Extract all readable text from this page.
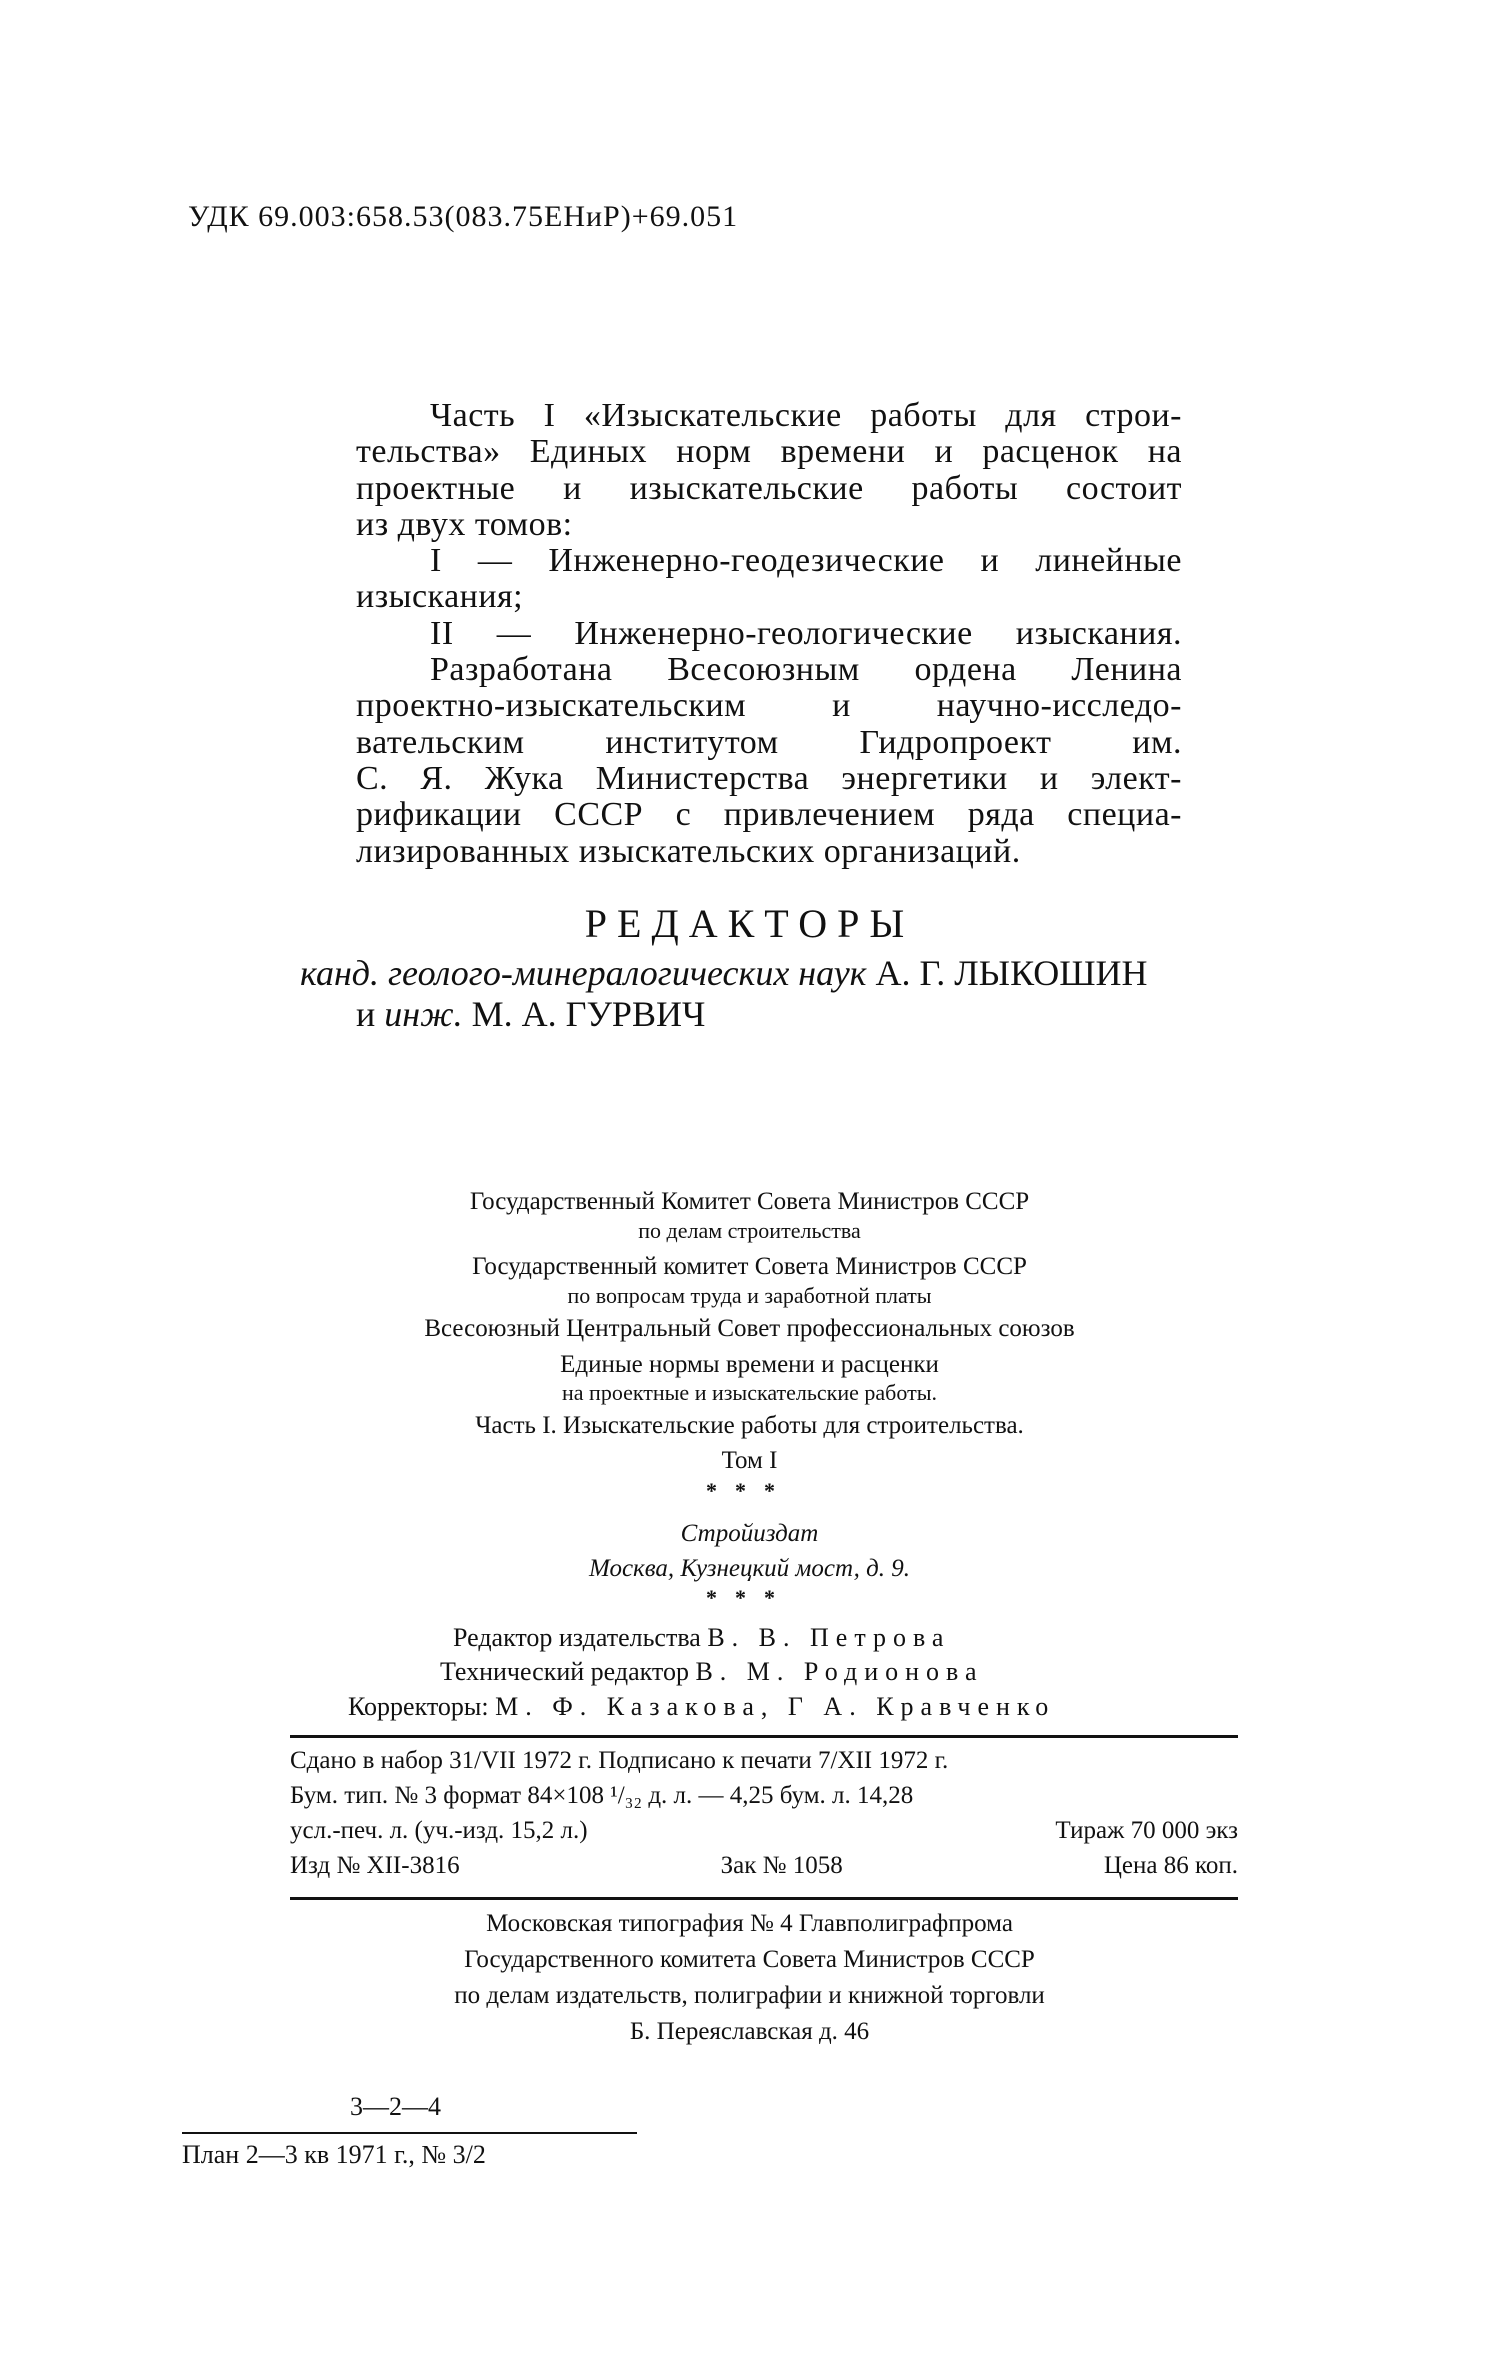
УДК 69.003:658.53(083.75ЕНиР)+69.051
Часть I «Изыскательские работы для строи-
тельства» Единых норм времени и расценок на
проектные и изыскательские работы состоит
из двух томов:
I — Инженерно-геодезические и линейные
изыскания;
II — Инженерно-геологические изыскания.
Разработана Всесоюзным ордена Ленина
проектно-изыскательским и научно-исследо-
вательским институтом Гидропроект им.
С. Я. Жука Министерства энергетики и элект-
рификации СССР с привлечением ряда специа-
лизированных изыскательских организаций.
РЕДАКТОРЫ
канд. геолого-минералогических наук А. Г. ЛЫКОШИН
и инж. М. А. ГУРВИЧ
Государственный Комитет Совета Министров СССР
по делам строительства
Государственный комитет Совета Министров СССР
по вопросам труда и заработной платы
Всесоюзный Центральный Совет профессиональных союзов
Единые нормы времени и расценки
на проектные и изыскательские работы.
Часть I. Изыскательские работы для строительства.
Том I
***
Стройиздат
Москва, Кузнецкий мост, д. 9.
***
Редактор издательства В. В. Петрова
Технический редактор В. М. Родионова
Корректоры: М. Ф. Казакова, Г А. Кравченко
Сдано в набор 31/VII 1972 г. Подписано к печати 7/XII 1972 г.
Бум. тип. № 3 формат 84×108 ¹/₃₂ д. л. — 4,25 бум. л. 14,28
усл.-печ. л. (уч.-изд. 15,2 л.)	Тираж 70 000 экз
Изд № XII-3816	Зак № 1058	Цена 86 коп.
Московская типография № 4 Главполиграфпрома
Государственного комитета Совета Министров СССР
по делам издательств, полиграфии и книжной торговли
Б. Переяславская д. 46
3—2—4
План 2—3 кв 1971 г., № 3/2
